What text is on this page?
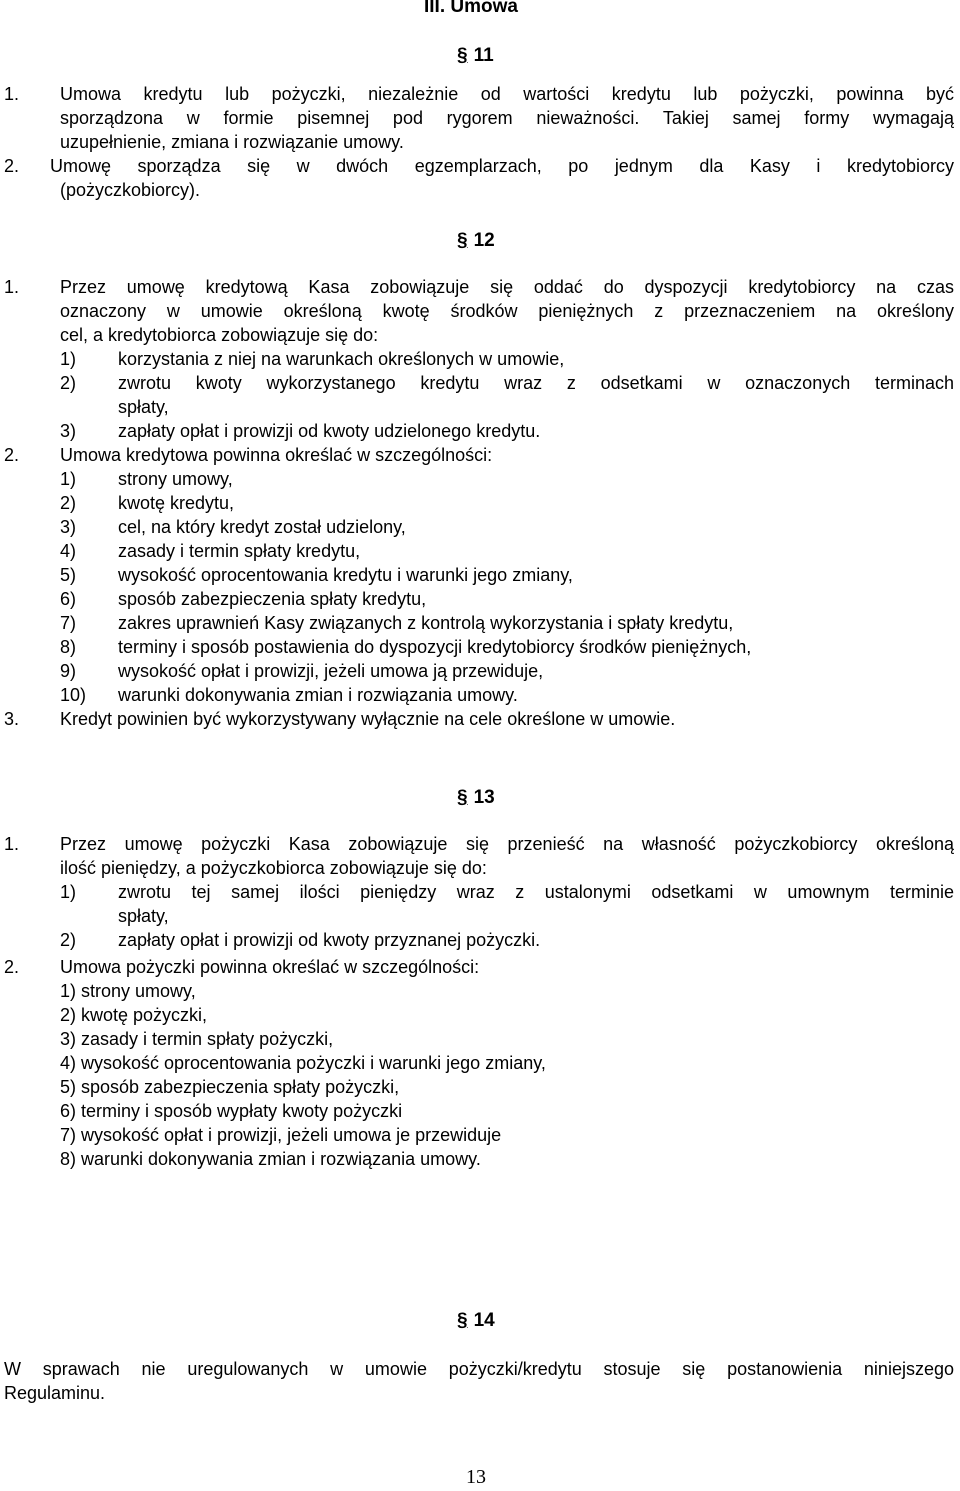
III. Umowa
§ 11
1. Umowa kredytu lub pożyczki, niezależnie od wartości kredytu lub pożyczki, powinna być
sporządzona w formie pisemnej pod rygorem nieważności. Takiej samej formy wymagają
uzupełnienie, zmiana i rozwiązanie umowy.
2. Umowę sporządza się w dwóch egzemplarzach, po jednym dla Kasy i kredytobiorcy
(pożyczkobiorcy).
§ 12
1. Przez umowę kredytową Kasa zobowiązuje się oddać do dyspozycji kredytobiorcy na czas
oznaczony w umowie określoną kwotę środków pieniężnych z przeznaczeniem na określony
cel, a kredytobiorca zobowiązuje się do:
1) korzystania z niej na warunkach określonych w umowie,
2) zwrotu kwoty wykorzystanego kredytu wraz z odsetkami w oznaczonych terminach
spłaty,
3) zapłaty opłat i prowizji od kwoty udzielonego kredytu.
2. Umowa kredytowa powinna określać w szczególności:
1) strony umowy,
2) kwotę kredytu,
3) cel, na który kredyt został udzielony,
4) zasady i termin spłaty kredytu,
5) wysokość oprocentowania kredytu i warunki jego zmiany,
6) sposób zabezpieczenia spłaty kredytu,
7) zakres uprawnień Kasy związanych z kontrolą wykorzystania i spłaty kredytu,
8) terminy i sposób postawienia do dyspozycji kredytobiorcy środków pieniężnych,
9) wysokość opłat i prowizji, jeżeli umowa ją przewiduje,
10) warunki dokonywania zmian i rozwiązania umowy.
3. Kredyt powinien być wykorzystywany wyłącznie na cele określone w umowie.
§ 13
1. Przez umowę pożyczki Kasa zobowiązuje się przenieść na własność pożyczkobiorcy określoną
ilość pieniędzy, a pożyczkobiorca zobowiązuje się do:
1) zwrotu tej samej ilości pieniędzy wraz z ustalonymi odsetkami w umownym terminie
spłaty,
2) zapłaty opłat i prowizji od kwoty przyznanej pożyczki.
2. Umowa pożyczki powinna określać w szczególności:
1) strony umowy,
2) kwotę pożyczki,
3) zasady i termin spłaty pożyczki,
4) wysokość oprocentowania pożyczki i warunki jego zmiany,
5) sposób zabezpieczenia spłaty pożyczki,
6) terminy i sposób wypłaty kwoty pożyczki
7) wysokość opłat i prowizji, jeżeli umowa je przewiduje
8) warunki dokonywania zmian i rozwiązania umowy.
§ 14
W sprawach nie uregulowanych w umowie pożyczki/kredytu stosuje się postanowienia niniejszego
Regulaminu.
13
